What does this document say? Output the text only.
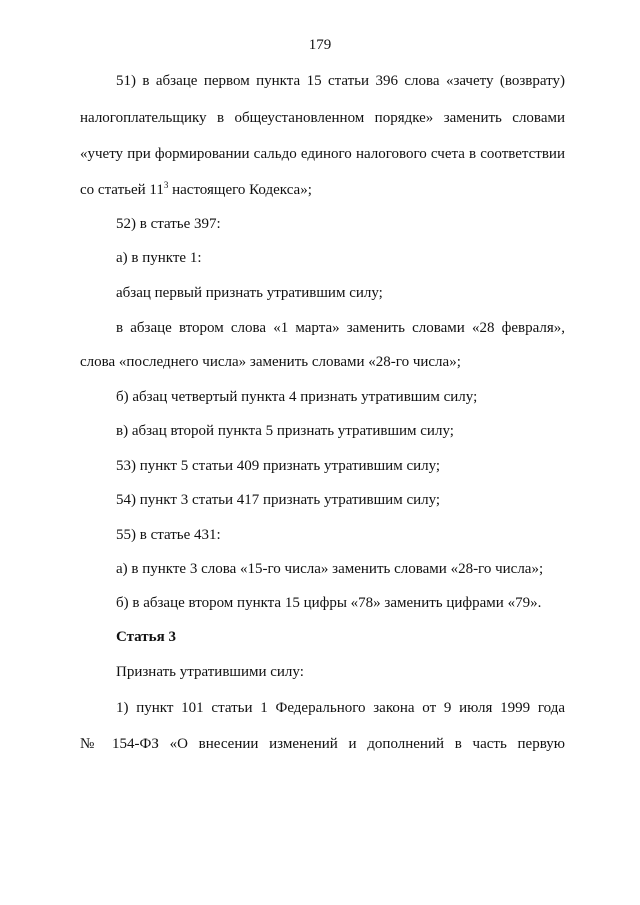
179
51) в абзаце первом пункта 15 статьи 396 слова «зачету (возврату)
налогоплательщику в общеустановленном порядке» заменить словами
«учету при формировании сальдо единого налогового счета в соответствии
со статьей $11^3$ настоящего Кодекса»;
52) в статье 397:
а) в пункте 1:
абзац первый признать утратившим силу;
в абзаце втором слова «1 марта» заменить словами «28 февраля»,
слова «последнего числа» заменить словами «28-го числа»;
б) абзац четвертый пункта 4 признать утратившим силу;
в) абзац второй пункта 5 признать утратившим силу;
53) пункт 5 статьи 409 признать утратившим силу;
54) пункт 3 статьи 417 признать утратившим силу;
55) в статье 431:
а) в пункте 3 слова «15-го числа» заменить словами «28-го числа»;
б) в абзаце втором пункта 15 цифры «78» заменить цифрами «79».
Статья 3
Признать утратившими силу:
1) пункт 101 статьи 1 Федерального закона от 9 июля 1999 года
№ 154-ФЗ «О внесении изменений и дополнений в часть первую
